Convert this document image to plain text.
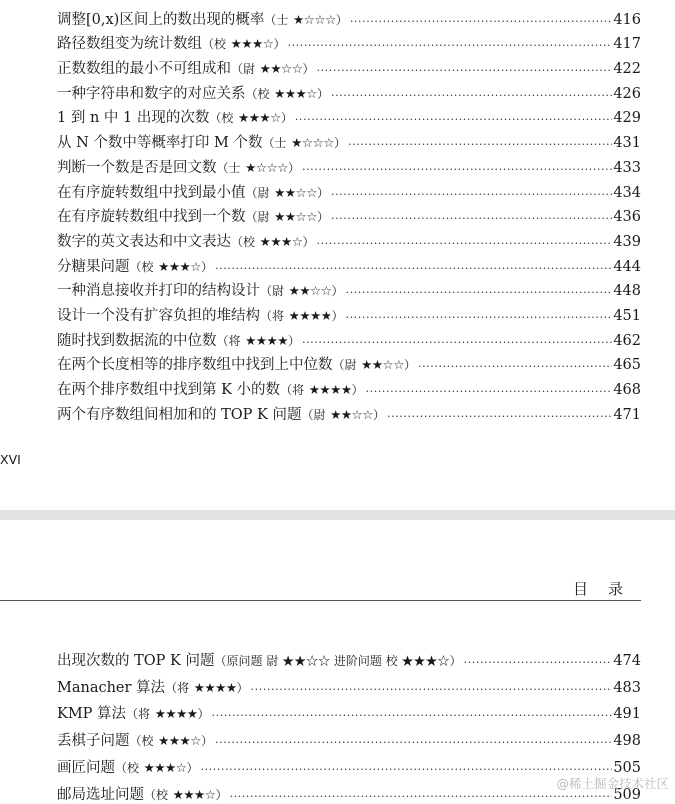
调整[0,x)区间上的数出现的概率（士 ★☆☆☆） .....	416
路径数组变为统计数组（校 ★★★☆） .....	417
正数数组的最小不可组成和（尉 ★★☆☆） .....	422
一种字符串和数字的对应关系（校 ★★★☆） .....	426
1 到 n 中 1 出现的次数（校 ★★★☆） .....	429
从 N 个数中等概率打印 M 个数（士 ★☆☆☆） .....	431
判断一个数是否是回文数（士 ★☆☆☆） .....	433
在有序旋转数组中找到最小值（尉 ★★☆☆） .....	434
在有序旋转数组中找到一个数（尉 ★★☆☆） .....	436
数字的英文表达和中文表达（校 ★★★☆） .....	439
分糖果问题（校 ★★★☆） .....	444
一种消息接收并打印的结构设计（尉 ★★☆☆） .....	448
设计一个没有扩容负担的堆结构（将 ★★★★） .....	451
随时找到数据流的中位数（将 ★★★★） .....	462
在两个长度相等的排序数组中找到上中位数（尉 ★★☆☆） .....	465
在两个排序数组中找到第 K 小的数（将 ★★★★） .....	468
两个有序数组间相加和的 TOP K 问题（尉 ★★☆☆） .....	471
XVI
目录
出现次数的 TOP K 问题（原问题 尉 ★★☆☆ 进阶问题 校 ★★★☆） .....	474
Manacher 算法（将 ★★★★） .....	483
KMP 算法（将 ★★★★） .....	491
丢棋子问题（校 ★★★☆） .....	498
画匠问题（校 ★★★☆） .....	505
邮局选址问题（校 ★★★☆） .....	509
@稀土掘金技术社区
